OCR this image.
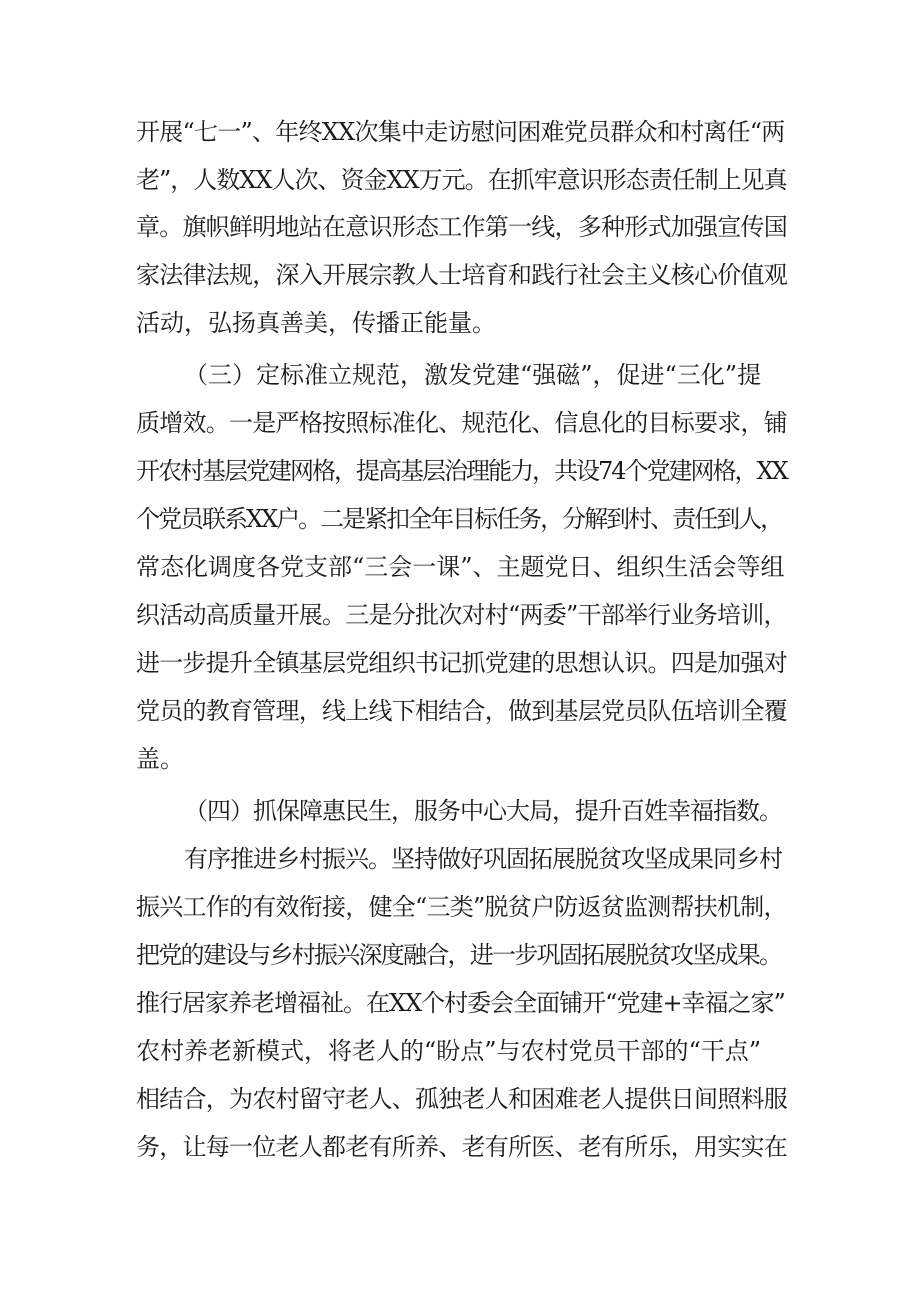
开展“七一”、年终XX次集中走访慰问困难党员群众和村离任“两
老”，人数XX人次、资金XX万元。在抓牢意识形态责任制上见真
章。旗帜鲜明地站在意识形态工作第一线，多种形式加强宣传国
家法律法规，深入开展宗教人士培育和践行社会主义核心价值观
活动，弘扬真善美，传播正能量。
（三）定标准立规范，激发党建“强磁”，促进“三化”提
质增效。一是严格按照标准化、规范化、信息化的目标要求，铺
开农村基层党建网格，提高基层治理能力，共设74个党建网格，XX
个党员联系XX户。二是紧扣全年目标任务，分解到村、责任到人，
常态化调度各党支部“三会一课”、主题党日、组织生活会等组
织活动高质量开展。三是分批次对村“两委”干部举行业务培训，
进一步提升全镇基层党组织书记抓党建的思想认识。四是加强对
党员的教育管理，线上线下相结合，做到基层党员队伍培训全覆
盖。
（四）抓保障惠民生，服务中心大局，提升百姓幸福指数。
有序推进乡村振兴。坚持做好巩固拓展脱贫攻坚成果同乡村
振兴工作的有效衔接，健全“三类”脱贫户防返贫监测帮扶机制，
把党的建设与乡村振兴深度融合，进一步巩固拓展脱贫攻坚成果。
推行居家养老增福祉。在XX个村委会全面铺开“党建+幸福之家”
农村养老新模式，将老人的“盼点”与农村党员干部的“干点”
相结合，为农村留守老人、孤独老人和困难老人提供日间照料服
务，让每一位老人都老有所养、老有所医、老有所乐，用实实在
